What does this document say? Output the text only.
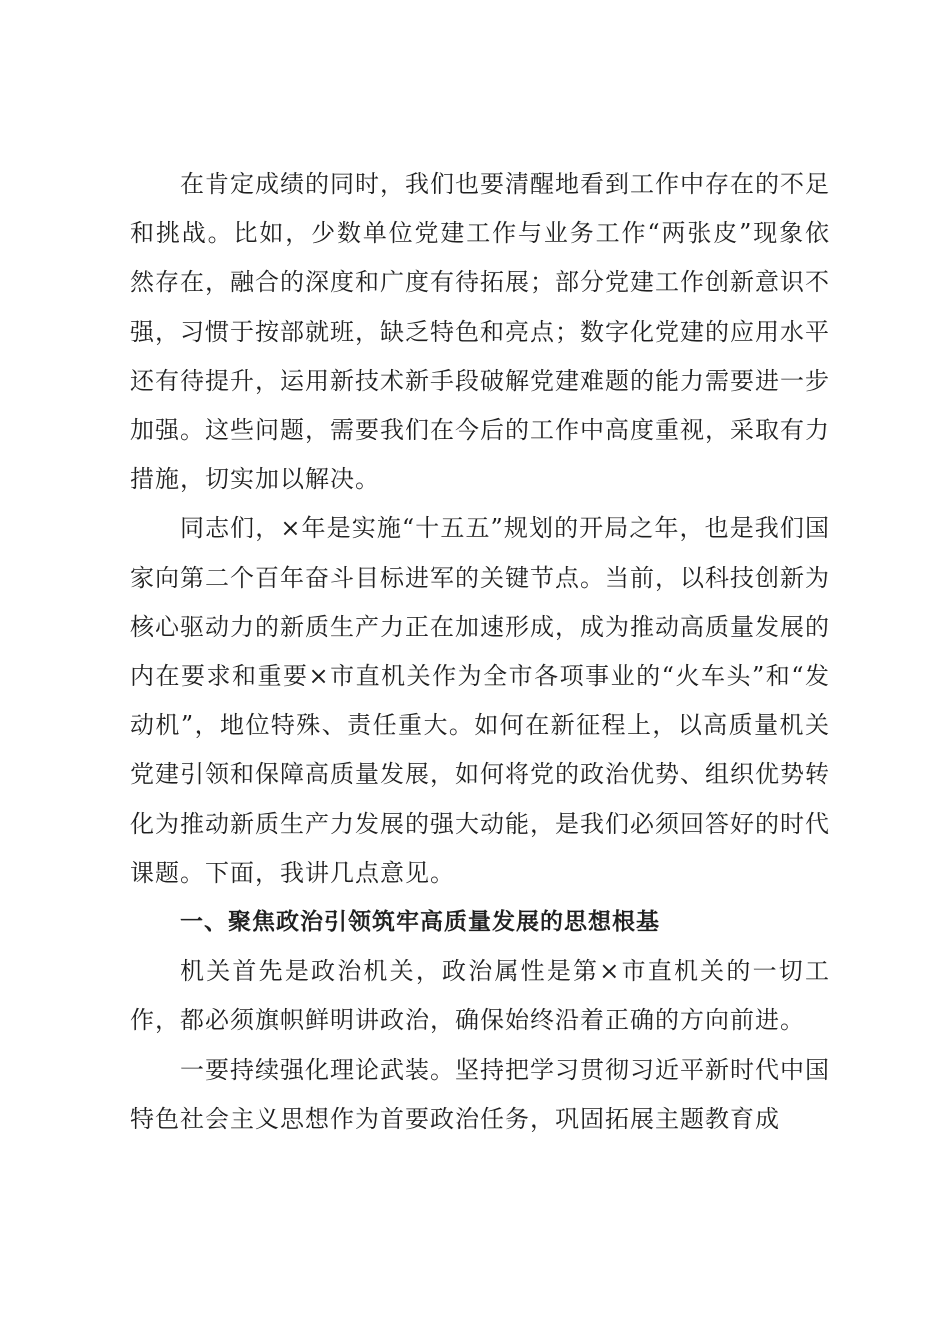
在肯定成绩的同时，我们也要清醒地看到工作中存在的不足和挑战。比如，少数单位党建工作与业务工作“两张皮”现象依然存在，融合的深度和广度有待拓展；部分党建工作创新意识不强，习惯于按部就班，缺乏特色和亮点；数字化党建的应用水平还有待提升，运用新技术新手段破解党建难题的能力需要进一步加强。这些问题，需要我们在今后的工作中高度重视，采取有力措施，切实加以解决。

同志们，×年是实施“十五五”规划的开局之年，也是我们国家向第二个百年奋斗目标进军的关键节点。当前，以科技创新为核心驱动力的新质生产力正在加速形成，成为推动高质量发展的内在要求和重要×市直机关作为全市各项事业的“火车头”和“发动机”，地位特殊、责任重大。如何在新征程上，以高质量机关党建引领和保障高质量发展，如何将党的政治优势、组织优势转化为推动新质生产力发展的强大动能，是我们必须回答好的时代课题。下面，我讲几点意见。

一、聚焦政治引领筑牢高质量发展的思想根基

机关首先是政治机关，政治属性是第×市直机关的一切工作，都必须旗帜鲜明讲政治，确保始终沿着正确的方向前进。

一要持续强化理论武装。坚持把学习贯彻习近平新时代中国特色社会主义思想作为首要政治任务，巩固拓展主题教育成
